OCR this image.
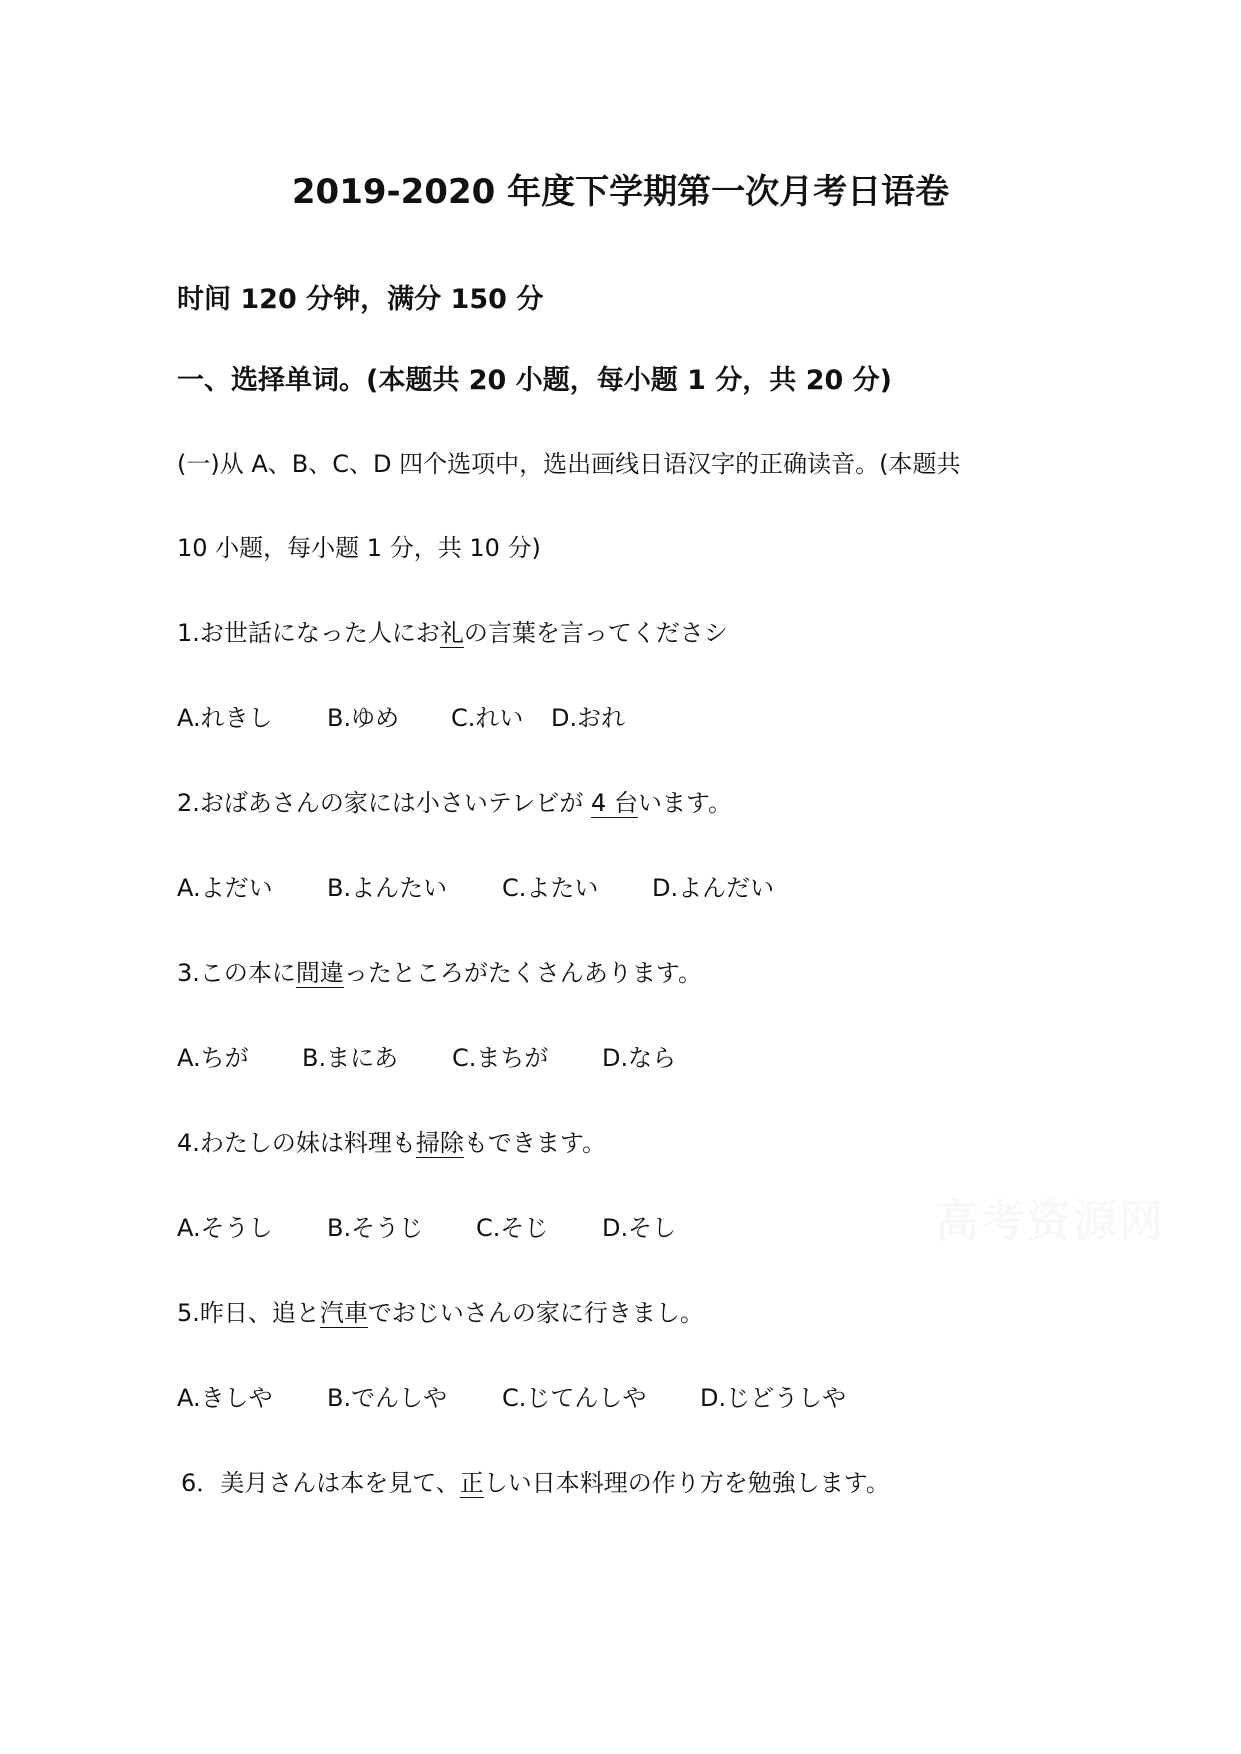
2019-2020 年度下学期第一次月考日语卷
时间 120 分钟，满分 150 分
一、选择单词。(本题共 20 小题，每小题 1 分，共 20 分)
(一)从 A、B、C、D 四个选项中，选出画线日语汉字的正确读音。(本题共
10 小题，每小题 1 分，共 10 分)
1.お世話になった人にお礼の言葉を言ってくださシ
A.れきし B.ゆめ C.れい D.おれ
2.おばあさんの家には小さいテレビが 4 台います。
A.よだい B.よんたい C.よたい D.よんだい
3.この本に間違ったところがたくさんあります。
A.ちが B.まにあ C.まちが D.なら
4.わたしの妹は料理も掃除もできます。
A.そうし B.そうじ C.そじ D.そし
5.昨日、追と汽車でおじいさんの家に行きまし。
A.きしや B.でんしや C.じてんしや D.じどうしや
6．美月さんは本を見て、正しい日本料理の作り方を勉強します。
高考资源网
